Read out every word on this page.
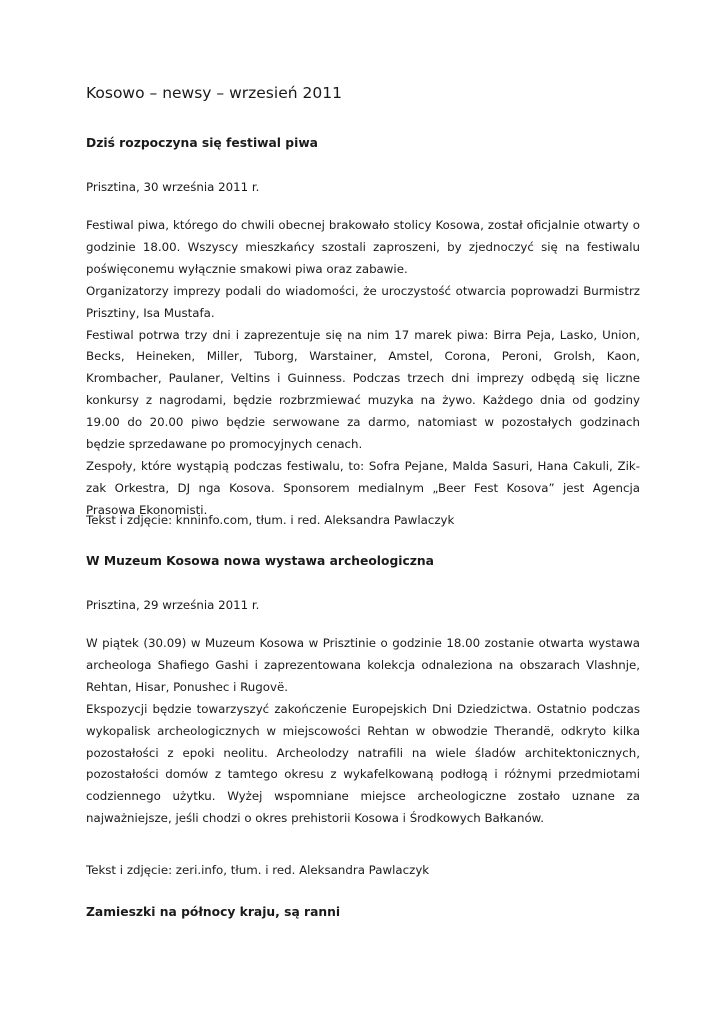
Kosowo – newsy – wrzesień 2011
Dziś rozpoczyna się festiwal piwa
Prisztina, 30 września 2011 r.

Festiwal piwa, którego do chwili obecnej brakowało stolicy Kosowa, został oficjalnie otwarty o godzinie 18.00. Wszyscy mieszkańcy szostali zaproszeni, by zjednoczyć się na festiwalu poświęconemu wyłącznie smakowi piwa oraz zabawie.

Organizatorzy imprezy podali do wiadomości, że uroczystość otwarcia poprowadzi Burmistrz Prisztiny, Isa Mustafa.

Festiwal potrwa trzy dni i zaprezentuje się na nim 17 marek piwa: Birra Peja, Lasko, Union, Becks, Heineken, Miller, Tuborg, Warstainer, Amstel, Corona, Peroni, Grolsh, Kaon, Krombacher, Paulaner, Veltins i Guinness. Podczas trzech dni imprezy odbędą się liczne konkursy z nagrodami, będzie rozbrzmiewać muzyka na żywo. Każdego dnia od godziny 19.00 do 20.00 piwo będzie serwowane za darmo, natomiast w pozostałych godzinach będzie sprzedawane po promocyjnych cenach.

Zespoły, które wystąpią podczas festiwalu, to: Sofra Pejane, Malda Sasuri, Hana Cakuli, Zik-zak Orkestra, DJ nga Kosova. Sponsorem medialnym „Beer Fest Kosova” jest Agencja Prasowa Ekonomisti.

Tekst i zdjęcie: knninfo.com, tłum. i red. Aleksandra Pawlaczyk
W Muzeum Kosowa nowa wystawa archeologiczna
Prisztina, 29 września 2011 r.

W piątek (30.09) w Muzeum Kosowa w Prisztinie o godzinie 18.00 zostanie otwarta wystawa archeologa Shafiego Gashi i zaprezentowana kolekcja odnaleziona na obszarach Vlashnje, Rehtan, Hisar, Ponushec i Rugovë.

Ekspozycji będzie towarzyszyć zakończenie Europejskich Dni Dziedzictwa. Ostatnio podczas wykopalisk archeologicznych w miejscowości Rehtan w obwodzie Therandë, odkryto kilka pozostałości z epoki neolitu. Archeolodzy natrafili na wiele śladów architektonicznych, pozostałości domów z tamtego okresu z wykafelkowaną podłogą i różnymi przedmiotami codziennego użytku. Wyżej wspomniane miejsce archeologiczne zostało uznane za najważniejsze, jeśli chodzi o okres prehistorii Kosowa i Środkowych Bałkanów.

Tekst i zdjęcie: zeri.info, tłum. i red. Aleksandra Pawlaczyk
Zamieszki na północy kraju, są ranni
